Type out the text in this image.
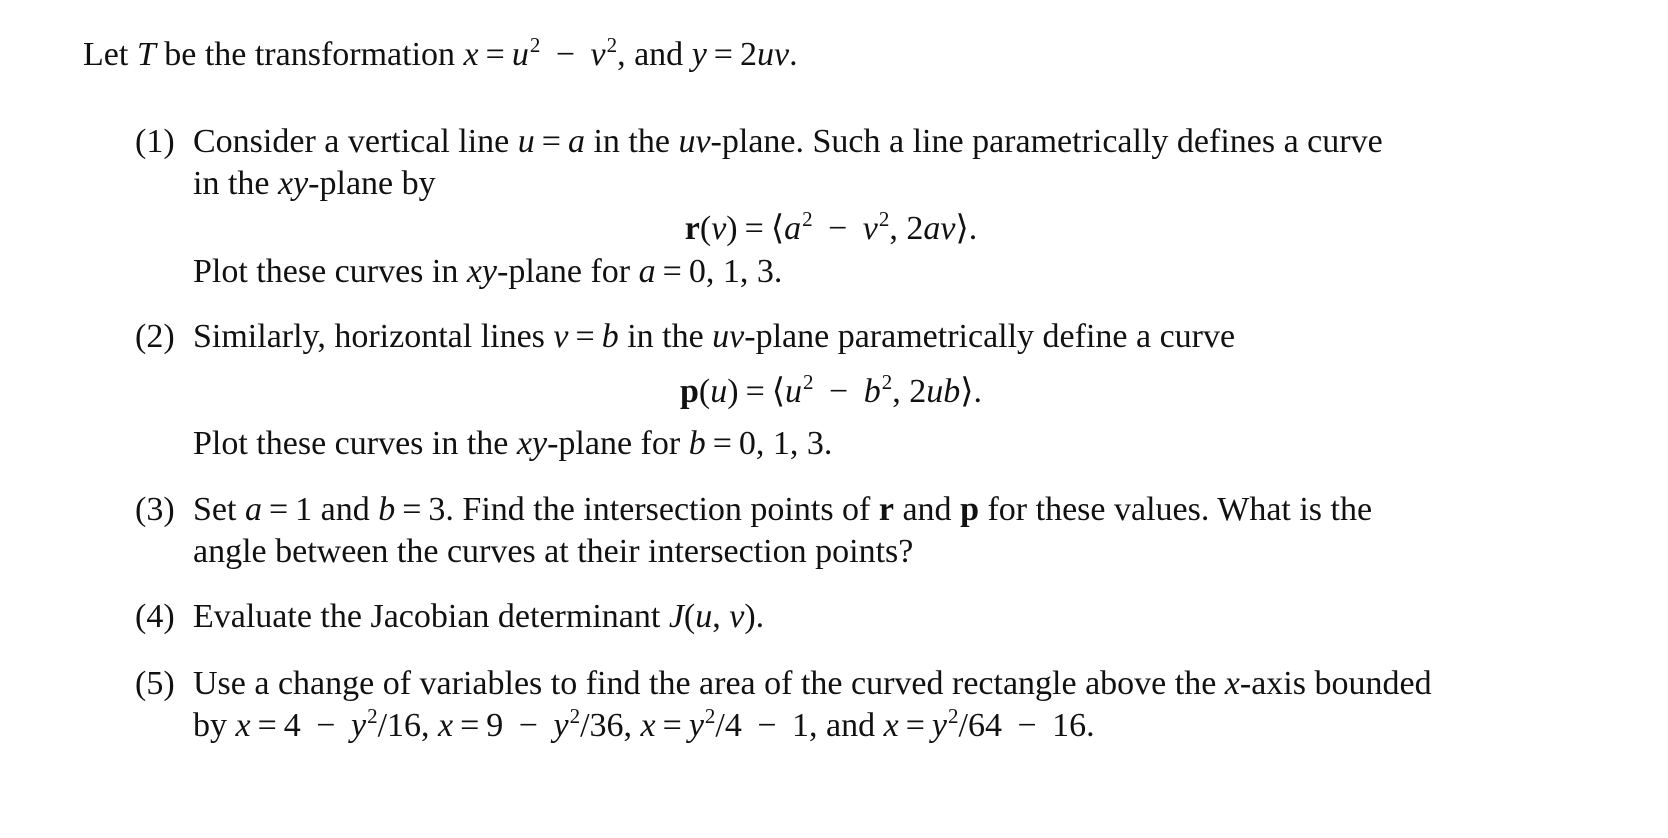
Let T be the transformation $x = u^2 - v^2$, and y = 2uv.
(1) Consider a vertical line u = a in the uv-plane. Such a line parametrically defines a curve
in the xy-plane by
$r(v) = ⟨a^2 - v^2$, 2av⟩.
Plot these curves in xy-plane for a = 0, 1, 3.
(2) Similarly, horizontal lines v = b in the uv-plane parametrically define a curve
$p(u) = ⟨u^2 - b^2$, 2ub⟩.
Plot these curves in the xy-plane for b = 0, 1, 3.
(3) Set a = 1 and b = 3. Find the intersection points of r and p for these values. What is the
angle between the curves at their intersection points?
(4) Evaluate the Jacobian determinant J(u, v).
(5) Use a change of variables to find the area of the curved rectangle above the x-axis bounded
by $x = 4 - y^2/16$, $x = 9 - y^2/36$, $x = y^2/4 - 1$, and $x = y^2/64 - 16$.
